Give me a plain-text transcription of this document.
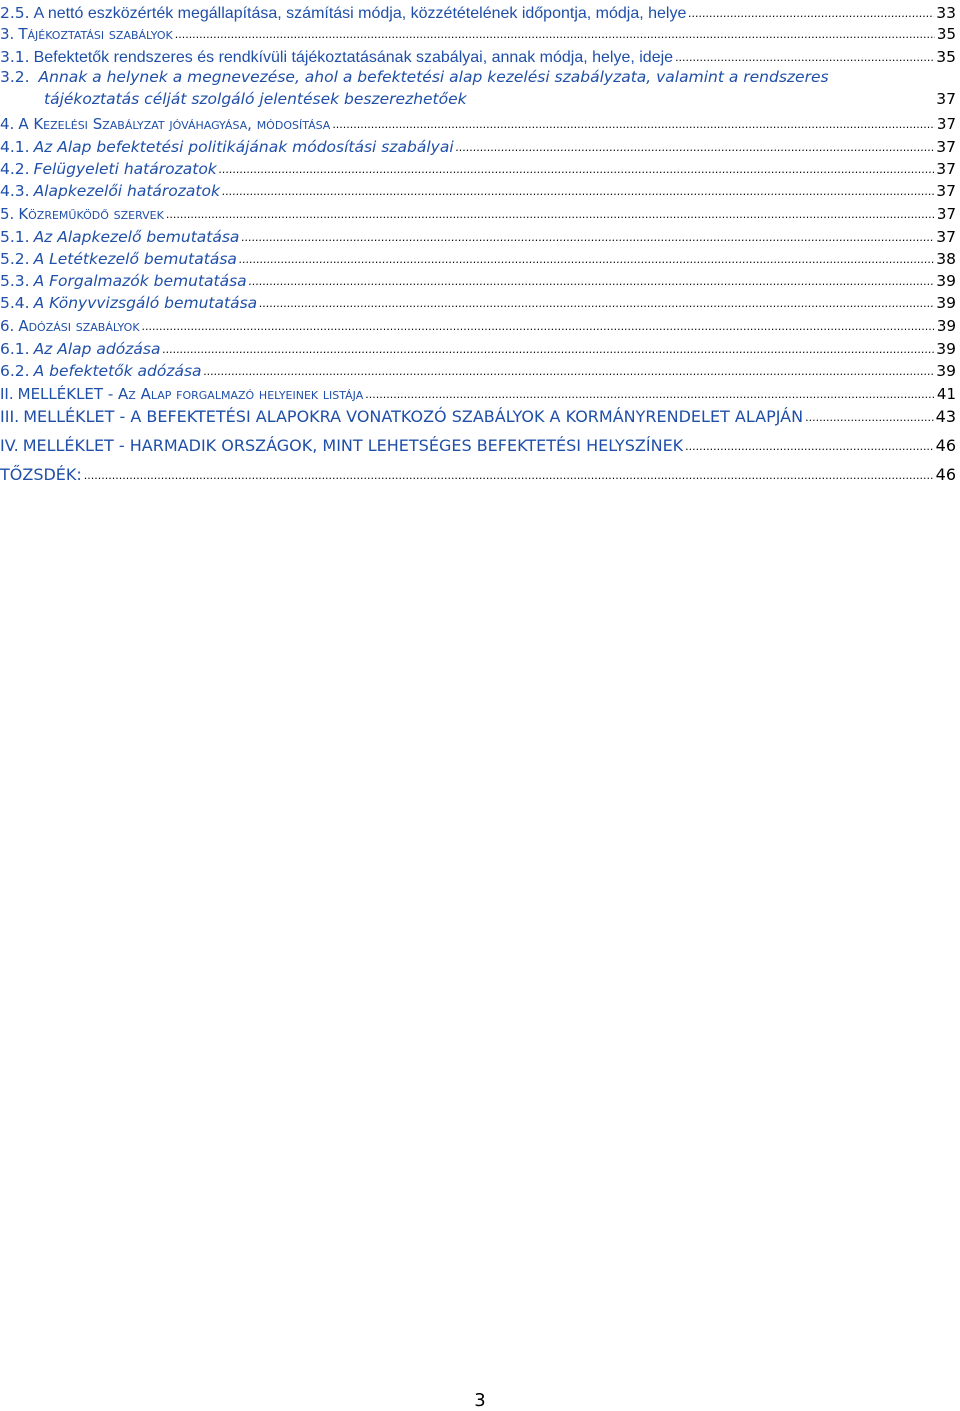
2.5. A nettó eszközérték megállapítása, számítási módja, közzétételének időpontja, módja, helye .....	33
3. Tájékoztatási szabályok .....	35
3.1. Befektetők rendszeres és rendkívüli tájékoztatásának szabályai, annak módja, helye, ideje .....	35
3.2. Annak a helynek a megnevezése, ahol a befektetési alap kezelési szabályzata, valamint a rendszeres
tájékoztatás célját szolgáló jelentések beszerezhetőek	37
4. A Kezelési Szabályzat jóváhagyása, módosítása .....	37
4.1. Az Alap befektetési politikájának módosítási szabályai .....	37
4.2. Felügyeleti határozatok .....	37
4.3. Alapkezelői határozatok .....	37
5. Közreműködő szervek .....	37
5.1. Az Alapkezelő bemutatása .....	37
5.2. A Letétkezelő bemutatása .....	38
5.3. A Forgalmazók bemutatása .....	39
5.4. A Könyvvizsgáló bemutatása .....	39
6. Adózási szabályok .....	39
6.1. Az Alap adózása .....	39
6.2. A befektetők adózása .....	39
II. MELLÉKLET - Az Alap forgalmazó helyeinek listája .....	41
III. MELLÉKLET - A BEFEKTETÉSI ALAPOKRA VONATKOZÓ SZABÁLYOK A KORMÁNYRENDELET ALAPJÁN .....	43
IV. MELLÉKLET - HARMADIK ORSZÁGOK, MINT LEHETSÉGES BEFEKTETÉSI HELYSZÍNEK .....	46
TŐZSDÉK: .....	46
3
